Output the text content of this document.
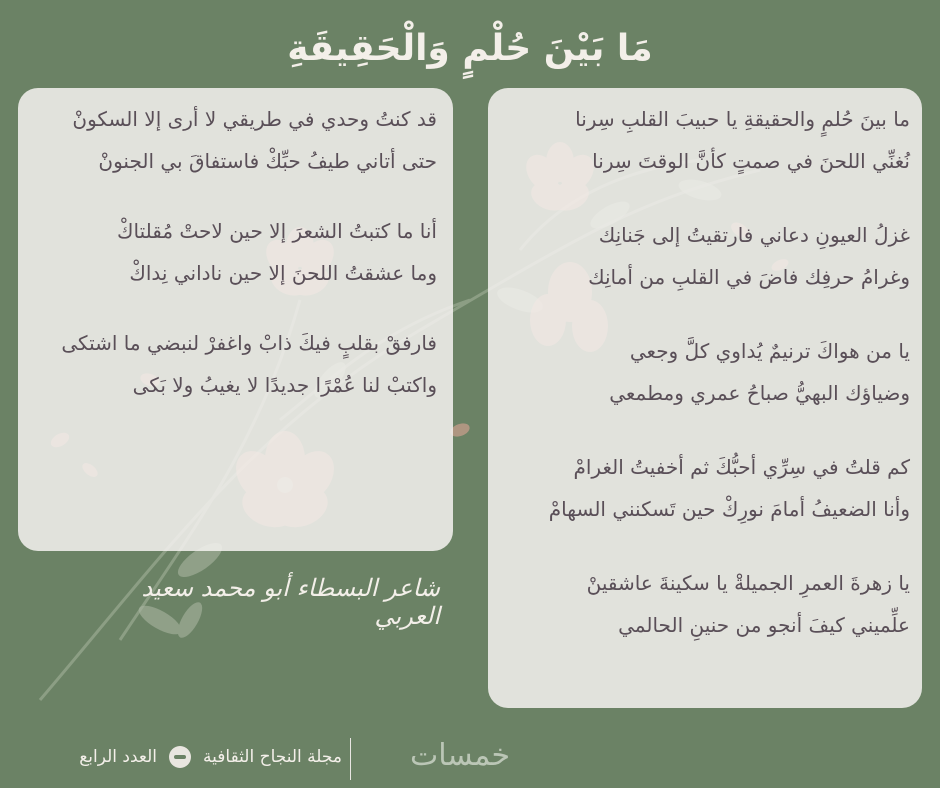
مَا بَيْنَ حُلْمٍ وَالْحَقِيقَةِ
ما بينَ حُلمٍ والحقيقةِ يا حبيبَ القلبِ سِرنا
نُغنِّي اللحنَ في صمتٍ كأنَّ الوقتَ سِرنا
غزلُ العيونِ دعاني فارتقيتُ إلى جَنانِك
وغرامُ حرفِك فاضَ في القلبِ من أمانِك
يا من هواكَ ترنيمٌ يُداوي كلَّ وجعي
وضياؤك البهيُّ صباحُ عمري ومطمعي
كم قلتُ في سِرِّي أحبُّكَ ثم أخفيتُ الغرامْ
وأنا الضعيفُ أمامَ نورِكْ حين تَسكنني السهامْ
يا زهرةَ العمرِ الجميلةْ يا سكينةَ عاشقينْ
علِّميني كيفَ أنجو من حنينِ الحالمي
قد كنتُ وحدي في طريقي لا أرى إلا السكونْ
حتى أتاني طيفُ حبِّكْ فاستفاقَ بي الجنونْ
أنا ما كتبتُ الشعرَ إلا حين لاحتْ مُقلتاكْ
وما عشقتُ اللحنَ إلا حين ناداني نِداكْ
فارفقْ بقلبٍ فيكَ ذابْ واغفرْ لنبضي ما اشتكى
واكتبْ لنا عُمْرًا جديدًا لا يغيبُ ولا بَكى
شاعر البسطاء أبو محمد سعيد العربي
مجلة النجاح الثقافية
العدد الرابع	خمسات
